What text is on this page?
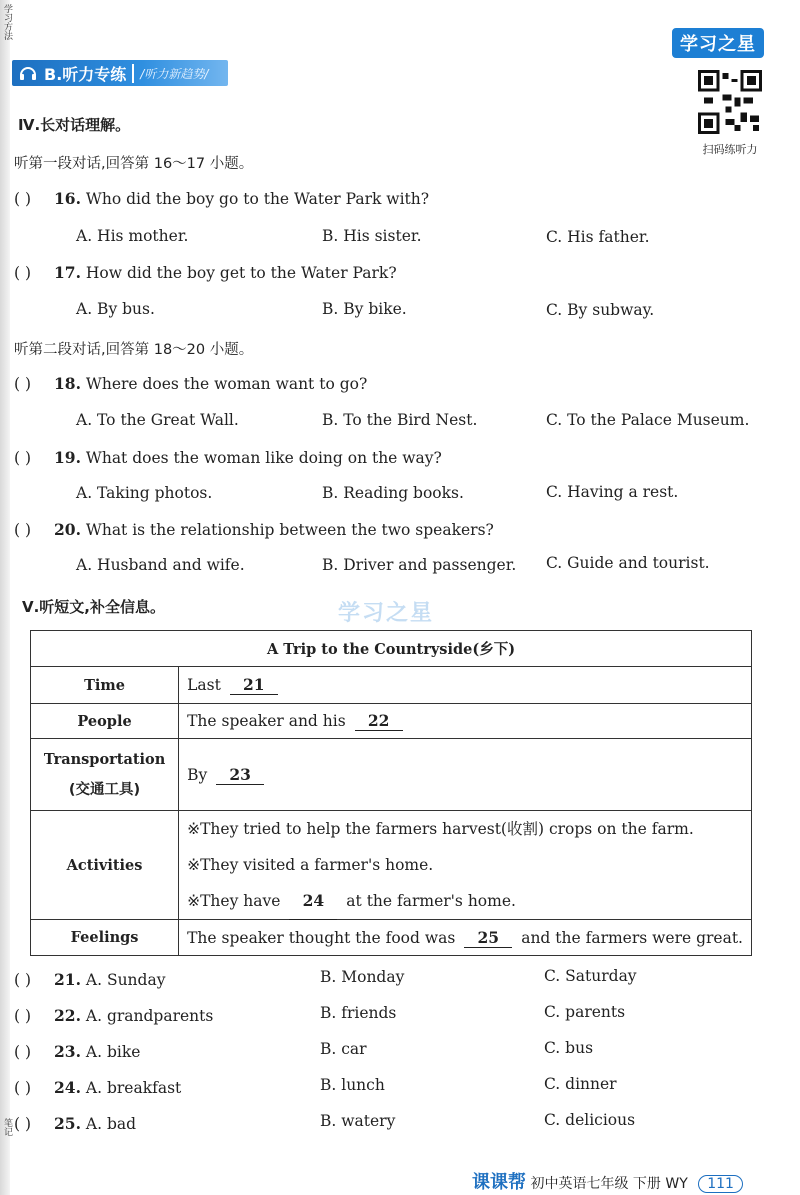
学习方法
笔记
B.听力专练	/听力新趋势/
学习之星
扫码练听力
Ⅳ.长对话理解。
听第一段对话,回答第 16～17 小题。
( ) 16. Who did the boy go to the Water Park with?
A. His mother.	B. His sister.	C. His father.
( ) 17. How did the boy get to the Water Park?
A. By bus.	B. By bike.	C. By subway.
听第二段对话,回答第 18～20 小题。
( ) 18. Where does the woman want to go?
A. To the Great Wall.	B. To the Bird Nest.	C. To the Palace Museum.
( ) 19. What does the woman like doing on the way?
A. Taking photos.	B. Reading books.	C. Having a rest.
( ) 20. What is the relationship between the two speakers?
A. Husband and wife.	B. Driver and passenger. C. Guide and tourist.
Ⅴ.听短文,补全信息。	学习之星
A Trip to the Countryside(乡下)	
Time	Last 21
People	The speaker and his 22

Transportation
(交通工具)	By 23
Activities	※They tried to help the farmers harvest(收割) crops on the farm.
※They visited a farmer's home.
※They have 24 at the farmer's home.

Feelings	The speaker thought the food was 25 and the farmers were great.
( ) 21. A. Sunday	B. Monday	C. Saturday
( ) 22. A. grandparents	B. friends	C. parents
( ) 23. A. bike	B. car	C. bus
( ) 24. A. breakfast	B. lunch	C. dinner
( ) 25. A. bad	B. watery	C. delicious
课课帮 初中英语七年级 下册 WY 111
